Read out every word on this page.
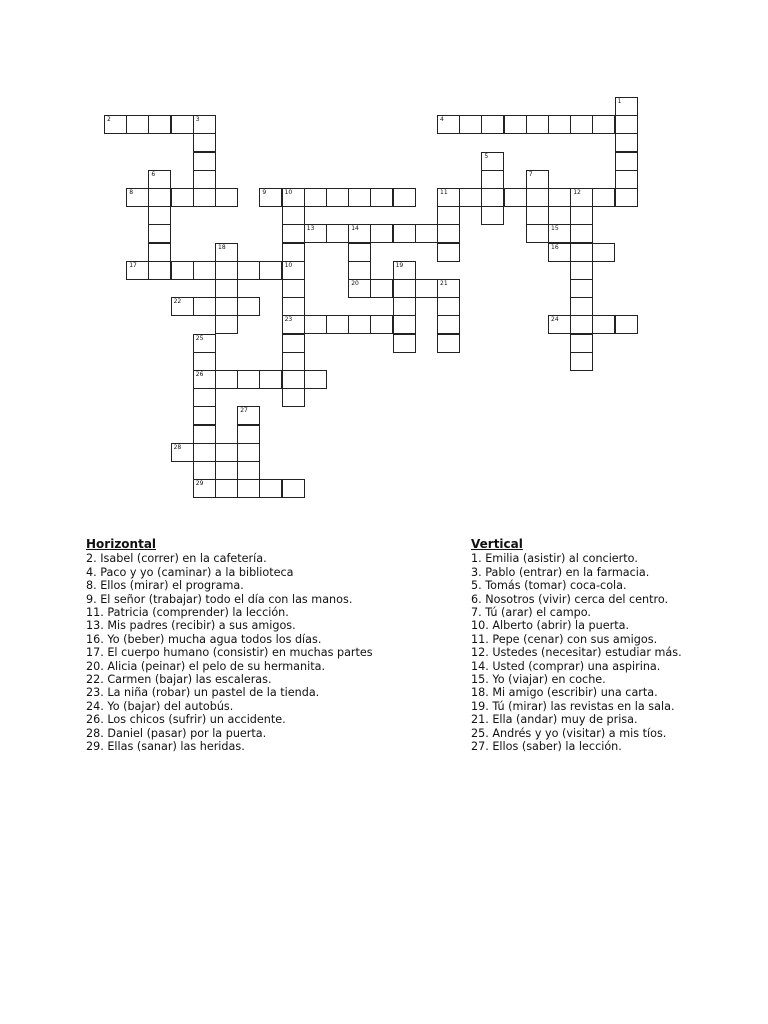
2	3	4
8	9	10	11	12
13	14
16
17	10
20	21
22
23	24
26
28
29
1
5
6	7
15
18
19
25
27
Horizontal
2. Isabel (correr) en la cafetería.
4. Paco y yo (caminar) a la biblioteca
8. Ellos (mirar) el programa.
9. El señor (trabajar) todo el día con las manos.
11. Patricia (comprender) la lección.
13. Mis padres (recibir) a sus amigos.
16. Yo (beber) mucha agua todos los días.
17. El cuerpo humano (consistir) en muchas partes
20. Alicia (peinar) el pelo de su hermanita.
22. Carmen (bajar) las escaleras.
23. La niña (robar) un pastel de la tienda.
24. Yo (bajar) del autobús.
26. Los chicos (sufrir) un accidente.
28. Daniel (pasar) por la puerta.
29. Ellas (sanar) las heridas.
Vertical
1. Emilia (asistir) al concierto.
3. Pablo (entrar) en la farmacia.
5. Tomás (tomar) coca-cola.
6. Nosotros (vivir) cerca del centro.
7. Tú (arar) el campo.
10. Alberto (abrir) la puerta.
11. Pepe (cenar) con sus amigos.
12. Ustedes (necesitar) estudiar más.
14. Usted (comprar) una aspirina.
15. Yo (viajar) en coche.
18. Mi amigo (escribir) una carta.
19. Tú (mirar) las revistas en la sala.
21. Ella (andar) muy de prisa.
25. Andrés y yo (visitar) a mis tíos.
27. Ellos (saber) la lección.
